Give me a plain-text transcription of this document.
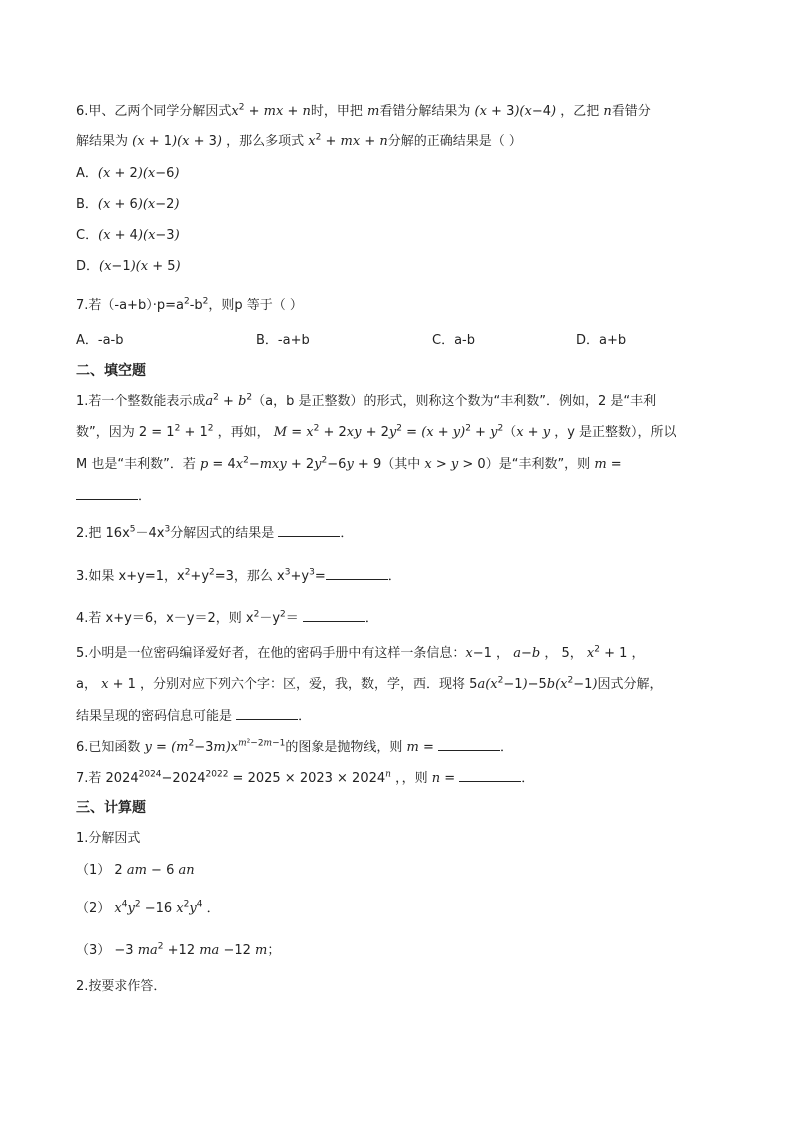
6.甲、乙两个同学分解因式$x^2$ + mx + n时，甲把 m看错分解结果为 (x + 3)(x−4) ，乙把 n看错分
解结果为 (x + 1)(x + 3) ，那么多项式 $x^2$ + mx + n分解的正确结果是（ ）
A．(x + 2)(x−6)
B．(x + 6)(x−2)
C．(x + 4)(x−3)
D．(x−1)(x + 5)
7.若$(-a+b)\cdot p=a^2-b^2$，则p 等于（ ）
A．-a-b	B．-a+b	C．a-b	D．a+b
二、填空题
1.若一个整数能表示成$a^2 + b^2(a$，b 是正整数）的形式，则称这个数为“丰利数”．例如，2 是“丰利
数”，因为 $2 = 1^2 + 1^2$ ，再如， $M = x^2 + 2xy + 2y^2 = (x + y)^2 + y^2(x + y$ ，y 是正整数），所以
M 也是“丰利数”．若 $p = 4x^2-mxy + 2y^2-6y + 9$（其中 x > y > 0）是“丰利数”，则 m =
．
2.把 $16x^5-4x^3$分解因式的结果是	．
3.如果 x+y=1，$x^2+y^2=3$，那么 $x^3+y^3=$	．
4.若 x+y＝6，x－y＝2，则 $x^2-y^2=$	．
5.小明是一位密码编译爱好者，在他的密码手册中有这样一条信息：x−1 ， a−b ， 5， $x^2 + 1$ ，
a， x + 1 ，分别对应下列六个字：区，爱，我，数，学，西．现将 $5a(x^2-1)-5b(x^2-1)$因式分解，
结果呈现的密码信息可能是	．
6.已知函数 $y = (m^2-3m)x^{m^2-2m-1}$的图象是抛物线，则 m =	．
7.若 $2024^{2024}-2024^{2022} = 2025 \times 2023 \times 2024^n$ ，，则 n =	．
三、计算题
1.分解因式
（1） 2 am − 6 an
（2） $x^4y^2 -16$ $x^2y^4$ ．
（3） −3 $ma^2 +12$ ma −12 m；
2.按要求作答．
